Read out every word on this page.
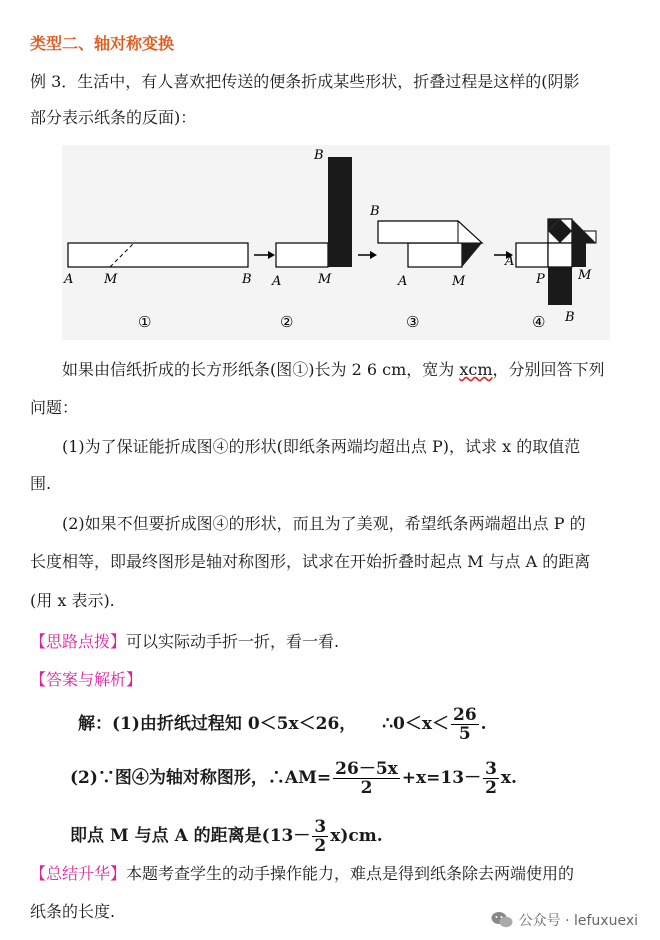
类型二、轴对称变换
例 3．生活中，有人喜欢把传送的便条折成某些形状，折叠过程是这样的(阴影
部分表示纸条的反面)：
A M	B
①
B
A	M
②
B
A	M
③
A
P	M
B
④
如果由信纸折成的长方形纸条(图①)长为 2 6 cm，宽为 xcm，分别回答下列
问题：
(1)为了保证能折成图④的形状(即纸条两端均超出点 P)，试求 x 的取值范
围.
(2)如果不但要折成图④的形状，而且为了美观，希望纸条两端超出点 P 的
长度相等，即最终图形是轴对称图形，试求在开始折叠时起点 M 与点 A 的距离
(用 x 表示).
【思路点拨】可以实际动手折一折，看一看.
【答案与解析】
解：(1)由折纸过程知 0＜5x＜26， ∴0＜x＜ $\frac{26}{5}$ .
(2)∵图④为轴对称图形，∴AM= $\frac{26-5x}{2} +x=13- \frac{3}{2} x$.
即点 M 与点 A 的距离是$(13- \frac{3}{2} x)cm$.
【总结升华】本题考查学生的动手操作能力，难点是得到纸条除去两端使用的
纸条的长度.	公众号 · lefuxuexi
